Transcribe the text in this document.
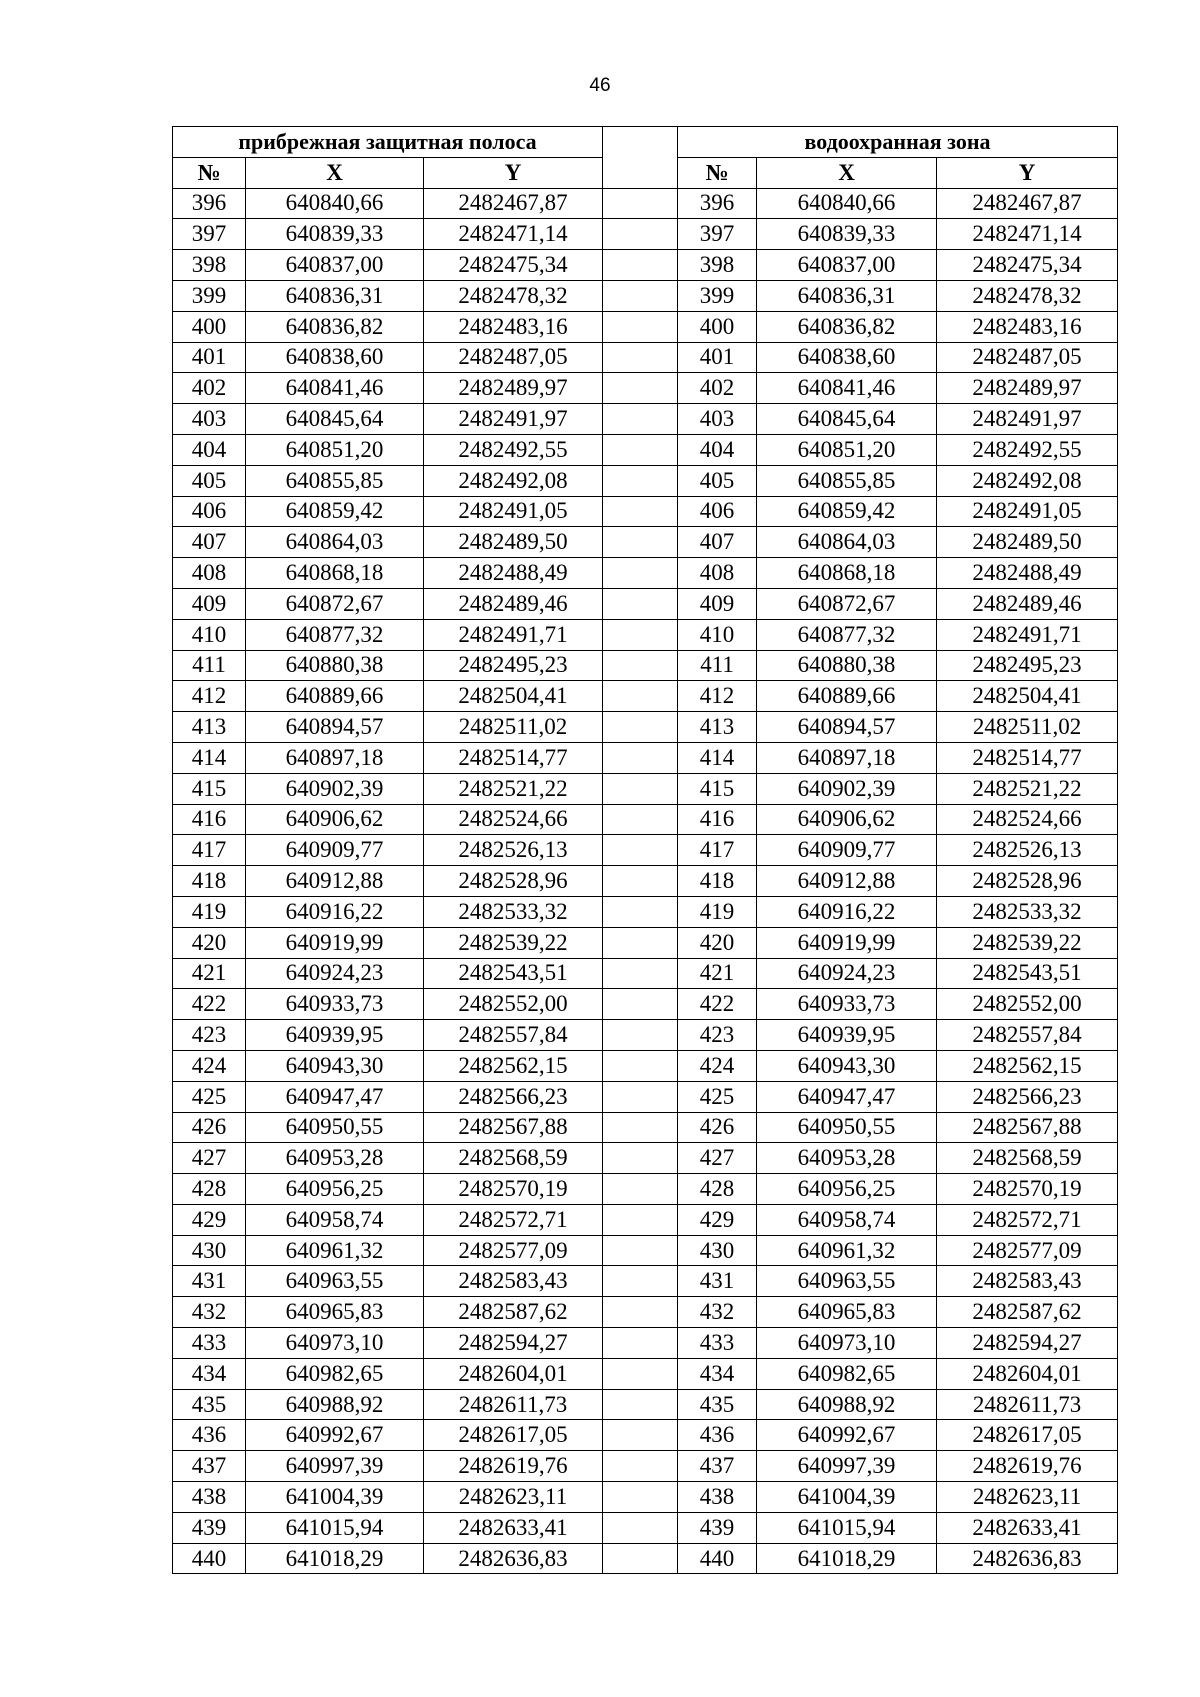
46
прибрежная защитная полоса				водоохранная зона		
№	X	Y		№	X	Y
396	640840,66	2482467,87		396	640840,66	2482467,87
397	640839,33	2482471,14		397	640839,33	2482471,14
398	640837,00	2482475,34		398	640837,00	2482475,34
399	640836,31	2482478,32		399	640836,31	2482478,32
400	640836,82	2482483,16		400	640836,82	2482483,16
401	640838,60	2482487,05		401	640838,60	2482487,05
402	640841,46	2482489,97		402	640841,46	2482489,97
403	640845,64	2482491,97		403	640845,64	2482491,97
404	640851,20	2482492,55		404	640851,20	2482492,55
405	640855,85	2482492,08		405	640855,85	2482492,08
406	640859,42	2482491,05		406	640859,42	2482491,05
407	640864,03	2482489,50		407	640864,03	2482489,50
408	640868,18	2482488,49		408	640868,18	2482488,49
409	640872,67	2482489,46		409	640872,67	2482489,46
410	640877,32	2482491,71		410	640877,32	2482491,71
411	640880,38	2482495,23		411	640880,38	2482495,23
412	640889,66	2482504,41		412	640889,66	2482504,41
413	640894,57	2482511,02		413	640894,57	2482511,02
414	640897,18	2482514,77		414	640897,18	2482514,77
415	640902,39	2482521,22		415	640902,39	2482521,22
416	640906,62	2482524,66		416	640906,62	2482524,66
417	640909,77	2482526,13		417	640909,77	2482526,13
418	640912,88	2482528,96		418	640912,88	2482528,96
419	640916,22	2482533,32		419	640916,22	2482533,32
420	640919,99	2482539,22		420	640919,99	2482539,22
421	640924,23	2482543,51		421	640924,23	2482543,51
422	640933,73	2482552,00		422	640933,73	2482552,00
423	640939,95	2482557,84		423	640939,95	2482557,84
424	640943,30	2482562,15		424	640943,30	2482562,15
425	640947,47	2482566,23		425	640947,47	2482566,23
426	640950,55	2482567,88		426	640950,55	2482567,88
427	640953,28	2482568,59		427	640953,28	2482568,59
428	640956,25	2482570,19		428	640956,25	2482570,19
429	640958,74	2482572,71		429	640958,74	2482572,71
430	640961,32	2482577,09		430	640961,32	2482577,09
431	640963,55	2482583,43		431	640963,55	2482583,43
432	640965,83	2482587,62		432	640965,83	2482587,62
433	640973,10	2482594,27		433	640973,10	2482594,27
434	640982,65	2482604,01		434	640982,65	2482604,01
435	640988,92	2482611,73		435	640988,92	2482611,73
436	640992,67	2482617,05		436	640992,67	2482617,05
437	640997,39	2482619,76		437	640997,39	2482619,76
438	641004,39	2482623,11		438	641004,39	2482623,11
439	641015,94	2482633,41		439	641015,94	2482633,41
440	641018,29	2482636,83		440	641018,29	2482636,83
